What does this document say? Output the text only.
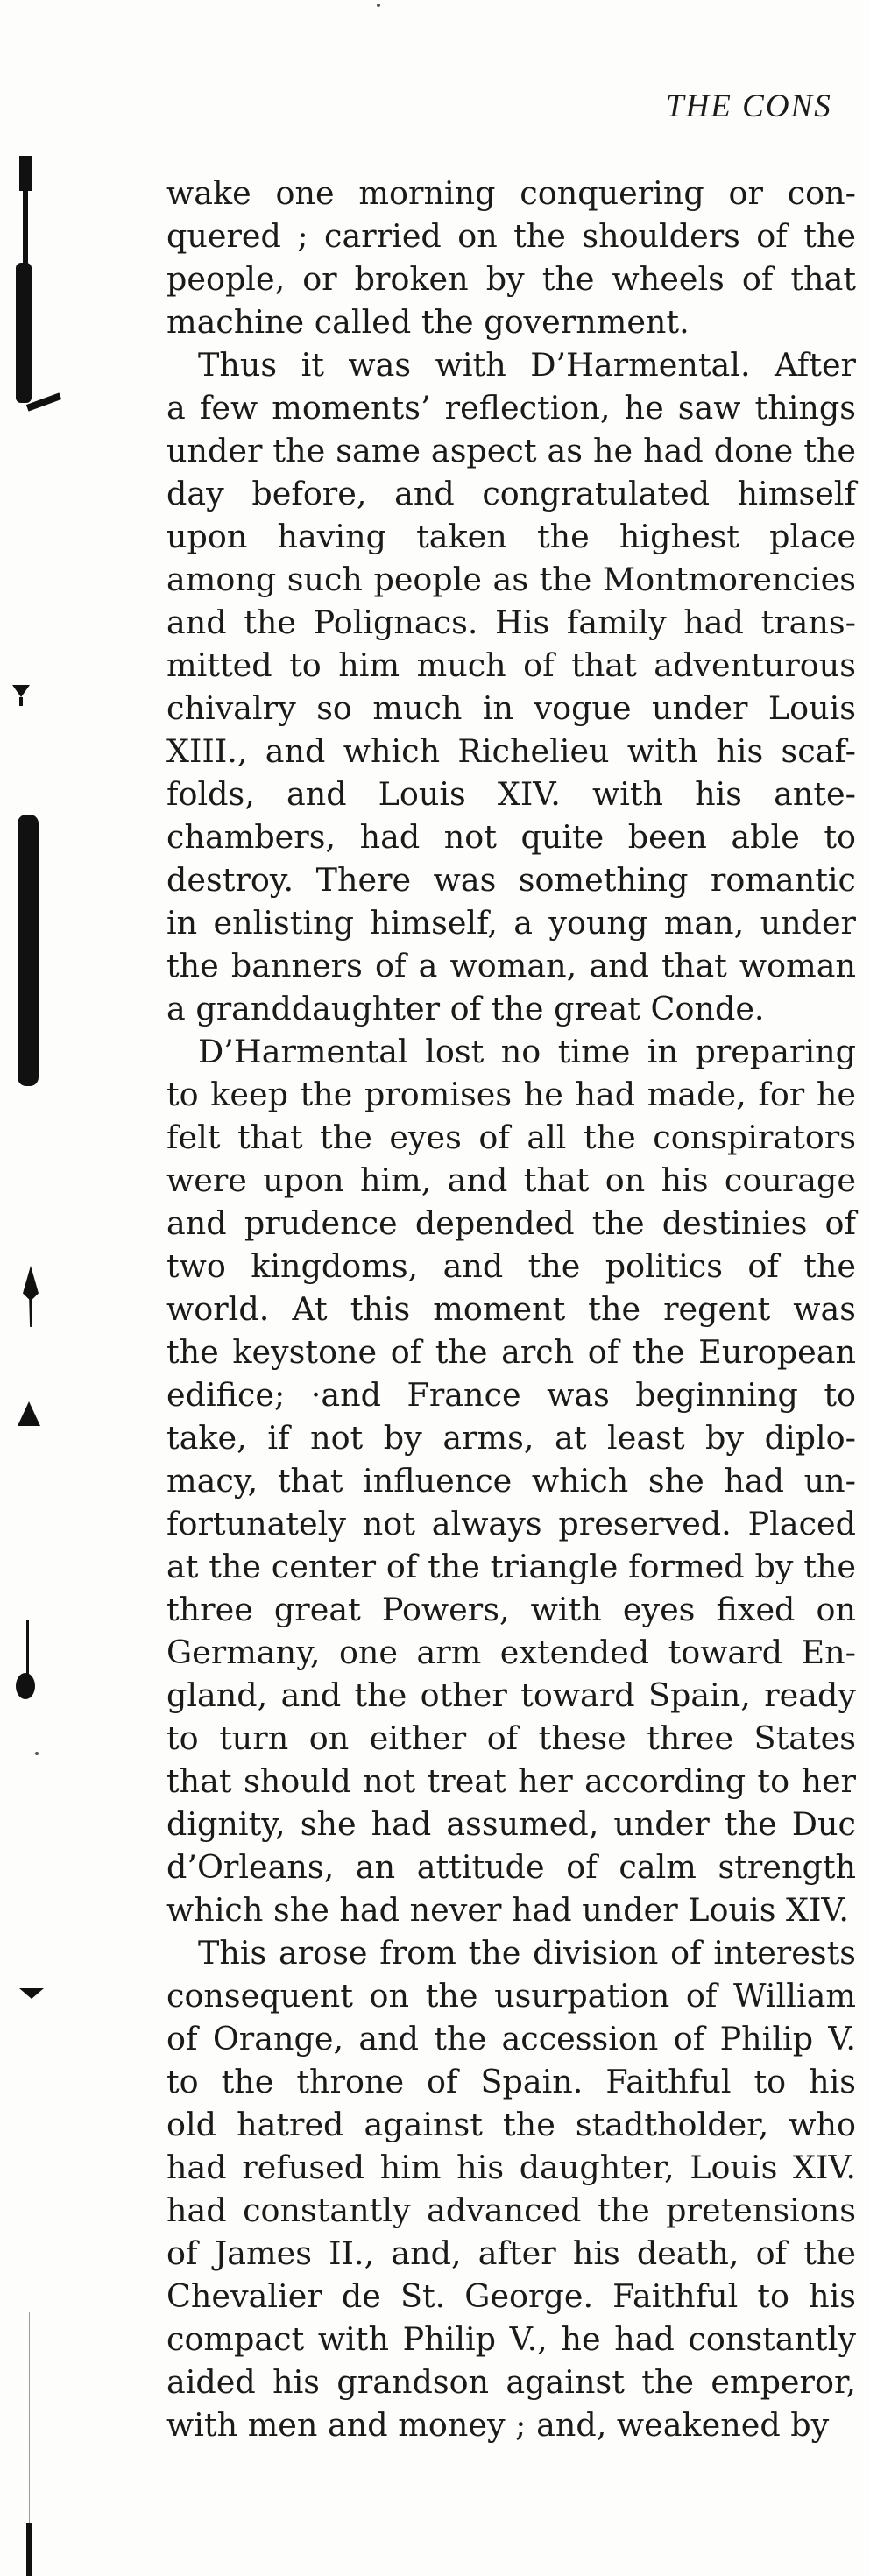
THE CONS
wake one morning conquering or con-
quered ; carried on the shoulders of the
people, or broken by the wheels of that
machine called the government.
Thus it was with D’Harmental. After
a few moments’ reflection, he saw things
under the same aspect as he had done the
day before, and congratulated himself
upon having taken the highest place
among such people as the Montmorencies
and the Polignacs. His family had trans-
mitted to him much of that adventurous
chivalry so much in vogue under Louis
XIII., and which Richelieu with his scaf-
folds, and Louis XIV. with his ante-
chambers, had not quite been able to
destroy. There was something romantic
in enlisting himself, a young man, under
the banners of a woman, and that woman
a granddaughter of the great Conde.
D’Harmental lost no time in preparing
to keep the promises he had made, for he
felt that the eyes of all the conspirators
were upon him, and that on his courage
and prudence depended the destinies of
two kingdoms, and the politics of the
world. At this moment the regent was
the keystone of the arch of the European
edifice; ·and France was beginning to
take, if not by arms, at least by diplo-
macy, that influence which she had un-
fortunately not always preserved. Placed
at the center of the triangle formed by the
three great Powers, with eyes fixed on
Germany, one arm extended toward En-
gland, and the other toward Spain, ready
to turn on either of these three States
that should not treat her according to her
dignity, she had assumed, under the Duc
d’Orleans, an attitude of calm strength
which she had never had under Louis XIV.
This arose from the division of interests
consequent on the usurpation of William
of Orange, and the accession of Philip V.
to the throne of Spain. Faithful to his
old hatred against the stadtholder, who
had refused him his daughter, Louis XIV.
had constantly advanced the pretensions
of James II., and, after his death, of the
Chevalier de St. George. Faithful to his
compact with Philip V., he had constantly
aided his grandson against the emperor,
with men and money ; and, weakened by
